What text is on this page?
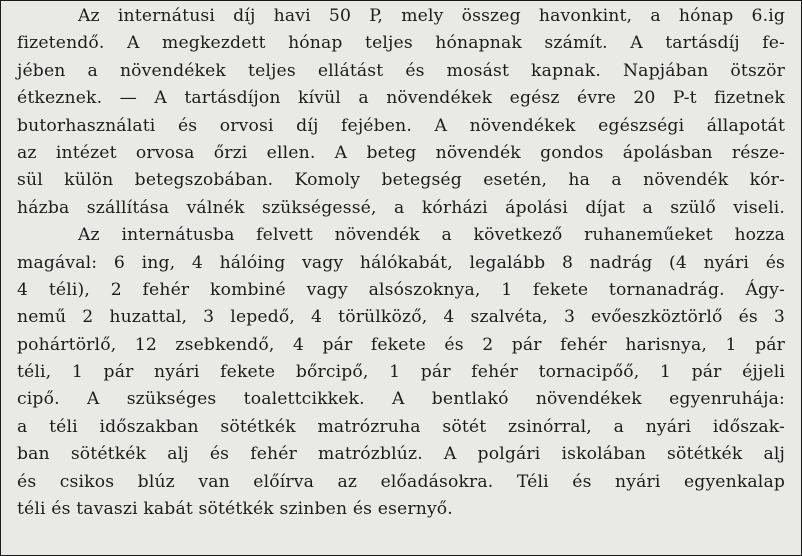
Az internátusi díj havi 50 P, mely összeg havonkint, a hónap 6.ig
fizetendő. A megkezdett hónap teljes hónapnak számít. A tartásdíj fe-
jében a növendékek teljes ellátást és mosást kapnak. Napjában ötször
étkeznek. — A tartásdíjon kívül a növendékek egész évre 20 P-t fizetnek
butorhasználati és orvosi díj fejében. A növendékek egészségi állapotát
az intézet orvosa őrzi ellen. A beteg növendék gondos ápolásban része-
sül külön betegszobában. Komoly betegség esetén, ha a növendék kór-
házba szállítása válnék szükségessé, a kórházi ápolási díjat a szülő viseli.
Az internátusba felvett növendék a következő ruhaneműeket hozza
magával: 6 ing, 4 hálóing vagy hálókabát, legalább 8 nadrág (4 nyári és
4 téli), 2 fehér kombiné vagy alsószoknya, 1 fekete tornanadrág. Ágy-
nemű 2 huzattal, 3 lepedő, 4 törülköző, 4 szalvéta, 3 evőeszköztörlő és 3
pohártörlő, 12 zsebkendő, 4 pár fekete és 2 pár fehér harisnya, 1 pár
téli, 1 pár nyári fekete bőrcipő, 1 pár fehér tornacipőő, 1 pár éjjeli
cipő. A szükséges toalettcikkek. A bentlakó növendékek egyenruhája:
a téli időszakban sötétkék matrózruha sötét zsinórral, a nyári időszak-
ban sötétkék alj és fehér matrózblúz. A polgári iskolában sötétkék alj
és csikos blúz van előírva az előadásokra. Téli és nyári egyenkalap
téli és tavaszi kabát sötétkék szinben és esernyő.
